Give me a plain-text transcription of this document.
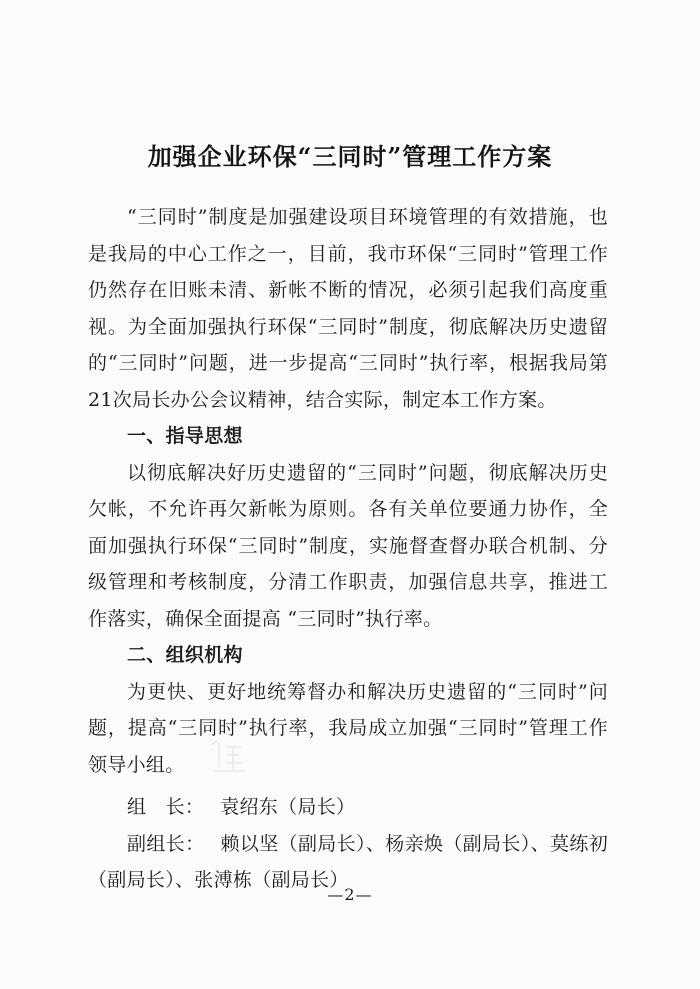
加强企业环保“三同时”管理工作方案

“三同时”制度是加强建设项目环境管理的有效措施，也是我局的中心工作之一，目前，我市环保“三同时”管理工作　仍然存在旧账未清、新帐不断的情况，必须引起我们高度重视。为全面加强执行环保“三同时”制度，彻底解决历史遗留的“三同时”问题，进一步提高“三同时”执行率，根据我局第21次局长办公会议精神，结合实际，制定本工作方案。

一、指导思想

以彻底解决好历史遗留的“三同时”问题，彻底解决历史欠帐，不允许再欠新帐为原则。各有关单位要通力协作，全面加强执行环保“三同时”制度，实施督查督办联合机制、分级管理和考核制度，分清工作职责，加强信息共享，推进工作落实，确保全面提高 “三同时”执行率。

二、组织机构

为更快、更好地统筹督办和解决历史遗留的“三同时”问题，提高“三同时”执行率，我局成立加强“三同时”管理工作领导小组。

组　长： 袁绍东（局长）

副组长： 赖以坚（副局长）、杨亲焕（副局长）、莫练初（副局长）、张溥栋（副局长）

—2—
